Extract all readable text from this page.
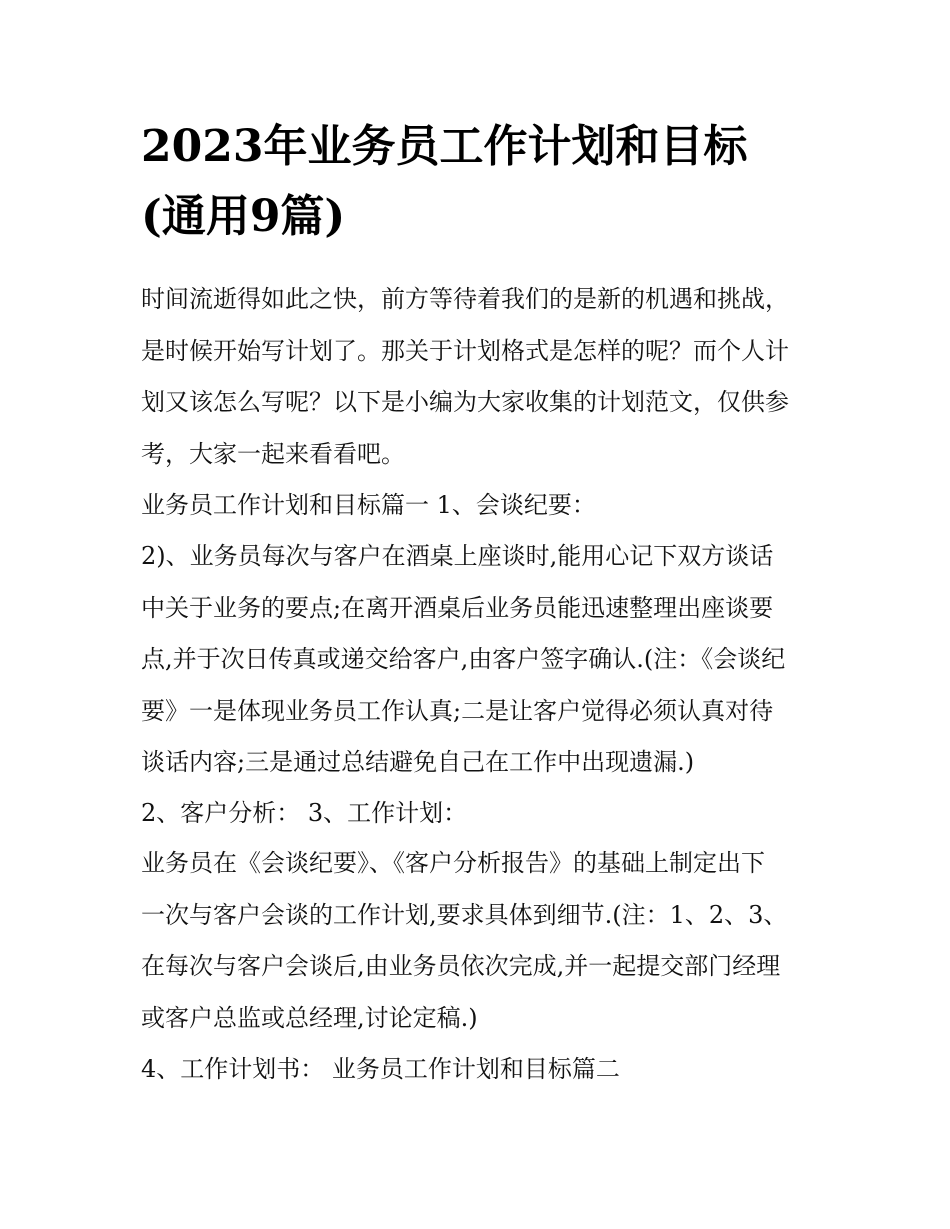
2023年业务员工作计划和目标
(通用9篇)

时间流逝得如此之快，前方等待着我们的是新的机遇和挑战，
是时候开始写计划了。那关于计划格式是怎样的呢？而个人计
划又该怎么写呢？以下是小编为大家收集的计划范文，仅供参
考，大家一起来看看吧。

业务员工作计划和目标篇一 1、会谈纪要：

2)、业务员每次与客户在酒桌上座谈时,能用心记下双方谈话
中关于业务的要点;在离开酒桌后业务员能迅速整理出座谈要
点,并于次日传真或递交给客户,由客户签字确认.(注：《会谈纪
要》一是体现业务员工作认真;二是让客户觉得必须认真对待
谈话内容;三是通过总结避免自己在工作中出现遗漏.)

2、客户分析： 3、工作计划：

业务员在《会谈纪要》、《客户分析报告》的基础上制定出下
一次与客户会谈的工作计划,要求具体到细节.(注：1、2、3、
在每次与客户会谈后,由业务员依次完成,并一起提交部门经理
或客户总监或总经理,讨论定稿.)

4、工作计划书： 业务员工作计划和目标篇二
